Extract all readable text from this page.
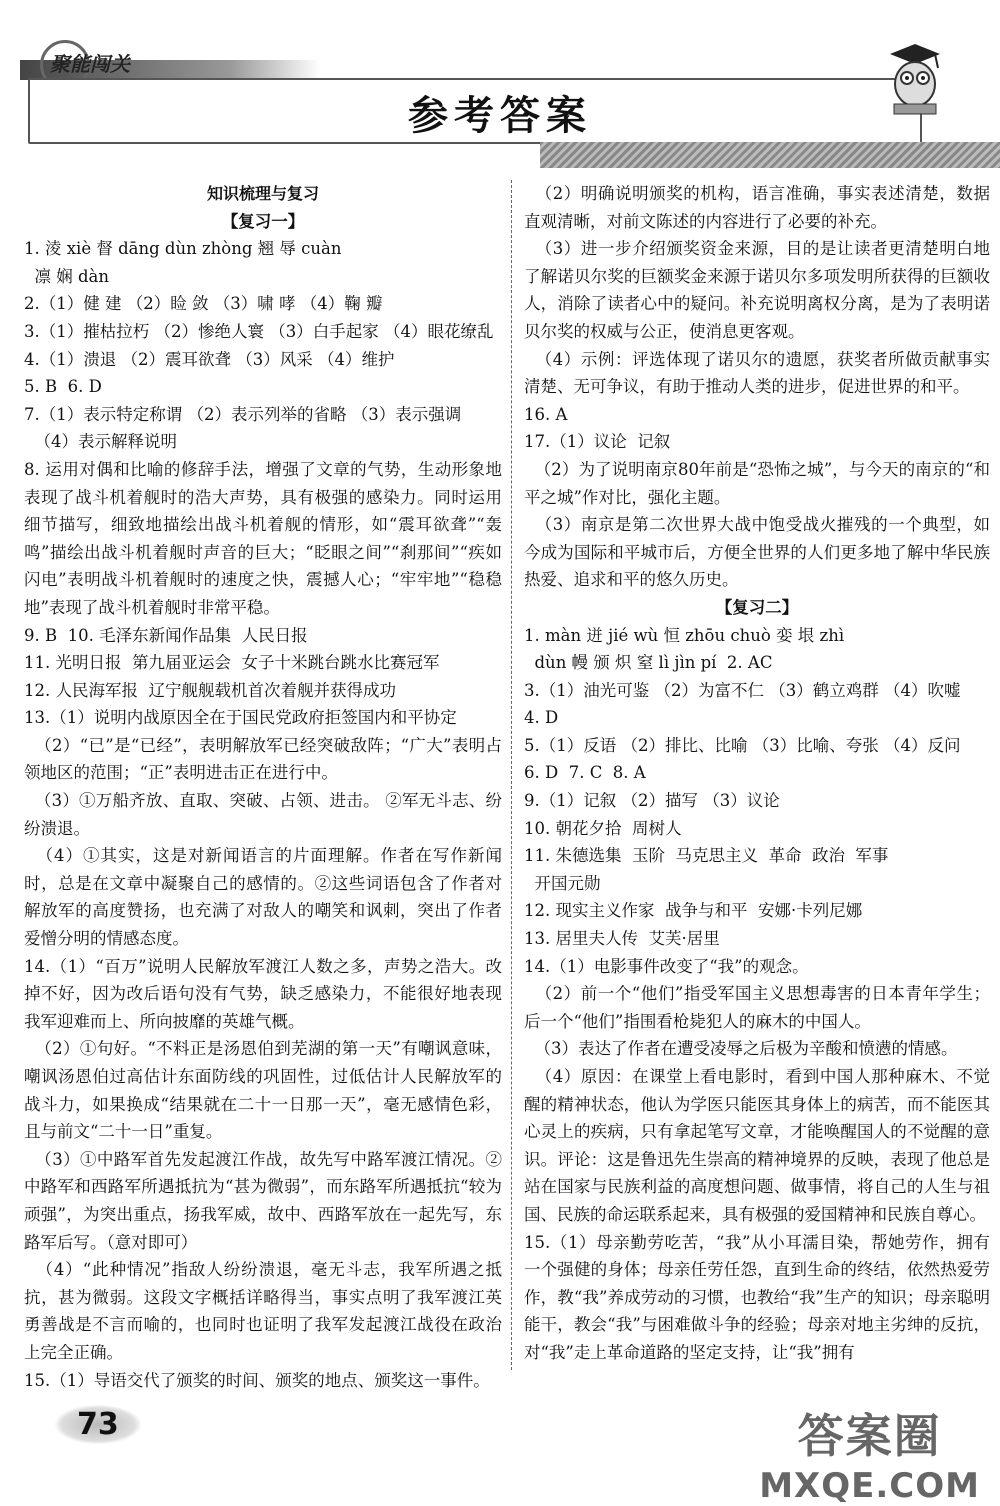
聚能闯关
参考答案
知识梳理与复习
【复习一】

1. 淩 xiè 督 dāng dùn zhòng 翘 辱 cuàn

凛 娴 dàn

2.（1）健 建 （2）睑 敛 （3）啸 哮 （4）鞠 瓣

3.（1）摧枯拉朽 （2）惨绝人寰 （3）白手起家 （4）眼花缭乱

4.（1）溃退 （2）震耳欲聋 （3）风采 （4）维护

5. B  6. D

7.（1）表示特定称谓 （2）表示列举的省略 （3）表示强调

（4）表示解释说明

8. 运用对偶和比喻的修辞手法，增强了文章的气势，生动形象地表现了战斗机着舰时的浩大声势，具有极强的感染力。同时运用细节描写，细致地描绘出战斗机着舰的情形，如“震耳欲聋”“轰鸣”描绘出战斗机着舰时声音的巨大；“眨眼之间”“刹那间”“疾如闪电”表明战斗机着舰时的速度之快，震撼人心；“牢牢地”“稳稳地”表现了战斗机着舰时非常平稳。

9. B  10. 毛泽东新闻作品集  人民日报

11. 光明日报  第九届亚运会  女子十米跳台跳水比赛冠军

12. 人民海军报  辽宁舰舰载机首次着舰并获得成功

13.（1）说明内战原因全在于国民党政府拒签国内和平协定

（2）“已”是“已经”，表明解放军已经突破敌阵；“广大”表明占领地区的范围；“正”表明进击正在进行中。

（3）①万船齐放、直取、突破、占领、进击。 ②军无斗志、纷纷溃退。

（4）①其实，这是对新闻语言的片面理解。作者在写作新闻时，总是在文章中凝聚自己的感情的。②这些词语包含了作者对解放军的高度赞扬，也充满了对敌人的嘲笑和讽刺，突出了作者爱憎分明的情感态度。

14.（1）“百万”说明人民解放军渡江人数之多，声势之浩大。改掉不好，因为改后语句没有气势，缺乏感染力，不能很好地表现我军迎难而上、所向披靡的英雄气概。

（2）①句好。“不料正是汤恩伯到芜湖的第一天”有嘲讽意味，嘲讽汤恩伯过高估计东面防线的巩固性，过低估计人民解放军的战斗力，如果换成“结果就在二十一日那一天”，毫无感情色彩，且与前文“二十一日”重复。

（3）①中路军首先发起渡江作战，故先写中路军渡江情况。②中路军和西路军所遇抵抗为“甚为微弱”，而东路军所遇抵抗“较为顽强”，为突出重点，扬我军威，故中、西路军放在一起先写，东路军后写。（意对即可）

（4）“此种情况”指敌人纷纷溃退，毫无斗志，我军所遇之抵抗，甚为微弱。这段文字概括详略得当，事实点明了我军渡江英勇善战是不言而喻的，也同时也证明了我军发起渡江战役在政治上完全正确。

15.（1）导语交代了颁奖的时间、颁奖的地点、颁奖这一事件。

（2）明确说明颁奖的机构，语言准确，事实表述清楚，数据直观清晰，对前文陈述的内容进行了必要的补充。

（3）进一步介绍颁奖资金来源，目的是让读者更清楚明白地了解诺贝尔奖的巨额奖金来源于诺贝尔多项发明所获得的巨额收人，消除了读者心中的疑问。补充说明离权分离，是为了表明诺贝尔奖的权威与公正，使消息更客观。

（4）示例：评选体现了诺贝尔的遗愿，获奖者所做贡献事实清楚、无可争议，有助于推动人类的进步，促进世界的和平。

16. A

17.（1）议论  记叙

（2）为了说明南京80年前是“恐怖之城”，与今天的南京的“和平之城”作对比，强化主题。

（3）南京是第二次世界大战中饱受战火摧残的一个典型，如今成为国际和平城市后，方便全世界的人们更多地了解中华民族热爱、追求和平的悠久历史。

【复习二】

1. màn 迸 jié wù 恒 zhōu chuò 娈 垠 zhì

dùn 幔 颁 炽 窒 lì jìn pí  2. AC

3.（1）油光可鉴 （2）为富不仁 （3）鹤立鸡群 （4）吹嘘

4. D

5.（1）反语 （2）排比、比喻 （3）比喻、夸张 （4）反问

6. D  7. C  8. A

9.（1）记叙 （2）描写 （3）议论

10. 朝花夕拾  周树人

11. 朱德选集  玉阶  马克思主义  革命  政治  军事

开国元勋

12. 现实主义作家  战争与和平  安娜·卡列尼娜

13. 居里夫人传  艾芙·居里

14.（1）电影事件改变了“我”的观念。

（2）前一个“他们”指受军国主义思想毒害的日本青年学生；后一个“他们”指围看枪毙犯人的麻木的中国人。

（3）表达了作者在遭受凌辱之后极为辛酸和愤懑的情感。

（4）原因：在课堂上看电影时，看到中国人那种麻木、不觉醒的精神状态，他认为学医只能医其身体上的病苦，而不能医其心灵上的疾病，只有拿起笔写文章，才能唤醒国人的不觉醒的意识。评论：这是鲁迅先生崇高的精神境界的反映，表现了他总是站在国家与民族利益的高度想问题、做事情，将自己的人生与祖国、民族的命运联系起来，具有极强的爱国精神和民族自尊心。

15.（1）母亲勤劳吃苦，“我”从小耳濡目染，帮她劳作，拥有一个强健的身体；母亲任劳任怨，直到生命的终结，依然热爱劳作，教“我”养成劳动的习惯，也教给“我”生产的知识；母亲聪明能干，教会“我”与困难做斗争的经验；母亲对地主劣绅的反抗，对“我”走上革命道路的坚定支持，让“我”拥有

73	答案圈
MXQE.COM
